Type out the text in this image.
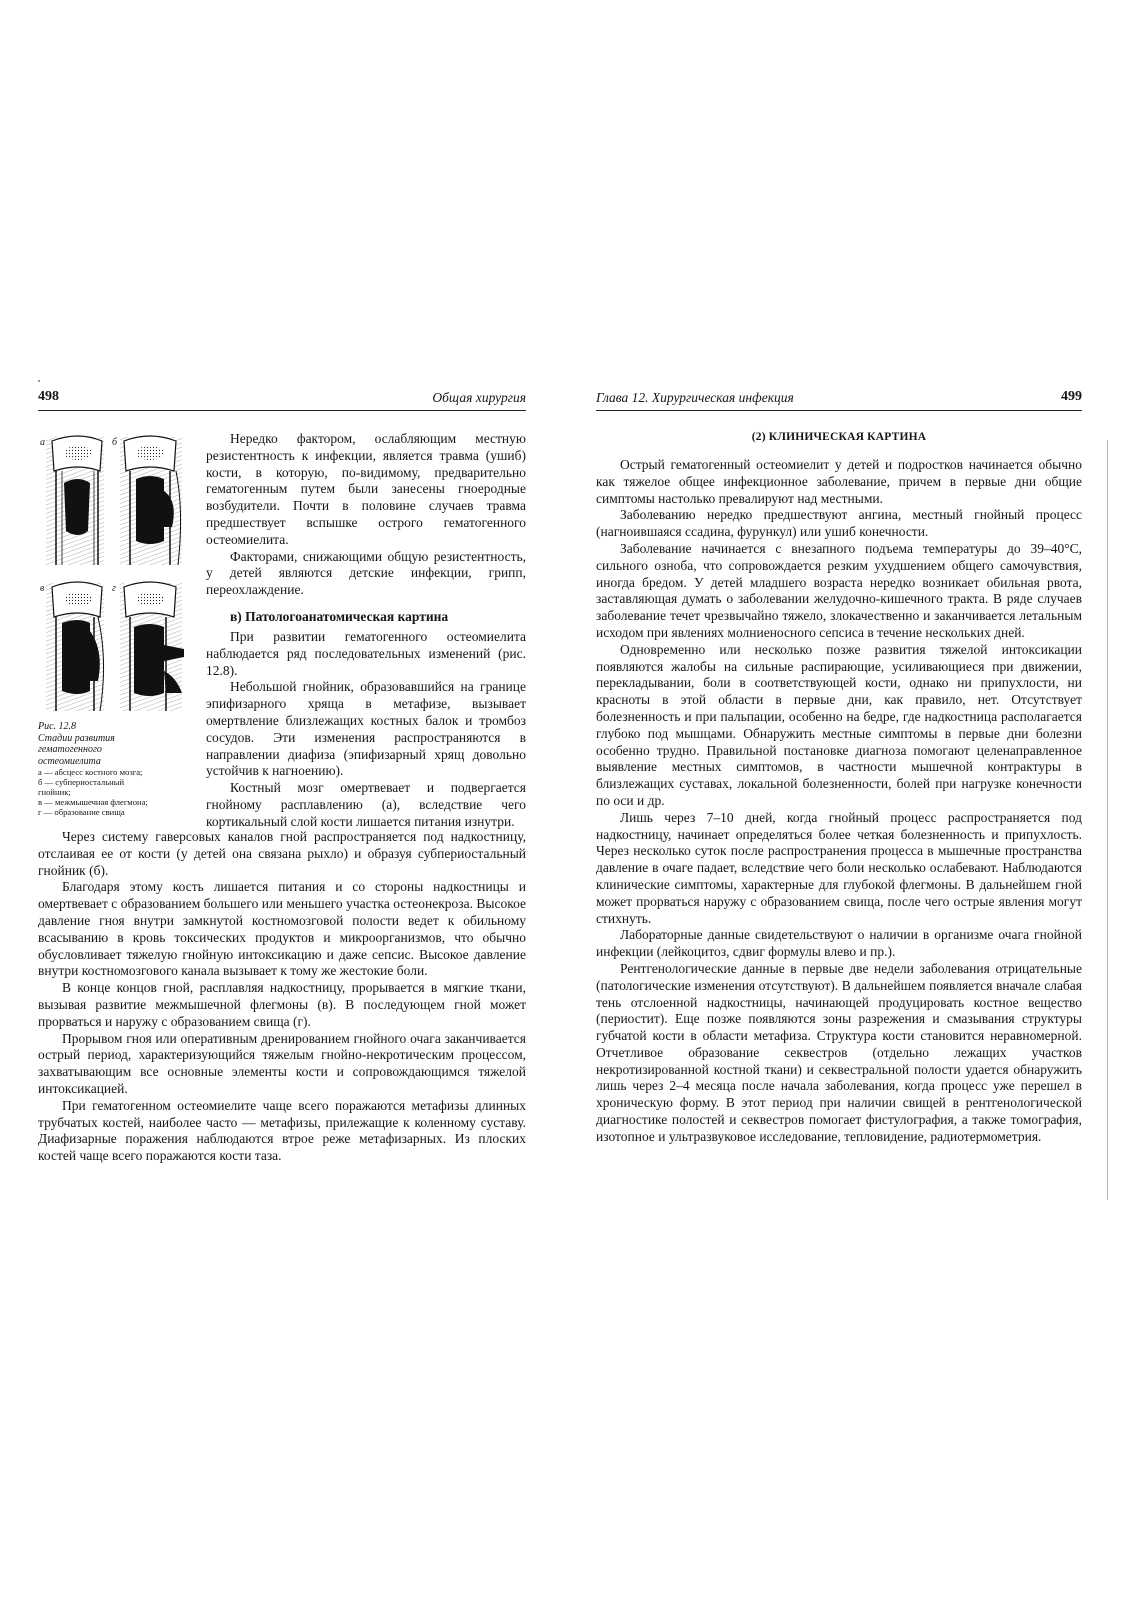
498	Общая хирургия
а	б
в	г
Рис. 12.8
Стадии развития
гематогенного
остеомиелита
а — абсцесс костного мозга;
б — субпериостальный
гнойник;
в — межмышечная флегмона;
г — образование свища

Нередко фактором, ослабляющим местную резистентность к инфекции, является травма (ушиб) кости, в которую, по-видимому, предварительно гематогенным путем были занесены гноеродные возбудители. Почти в половине случаев травма предшествует вспышке острого гематогенного остеомиелита.

Факторами, снижающими общую резистентность, у детей являются детские инфекции, грипп, переохлаждение.

в) Патологоанатомическая картина

При развитии гематогенного остеомиелита наблюдается ряд последовательных изменений (рис. 12.8).

Небольшой гнойник, образовавшийся на границе эпифизарного хряща в метафизе, вызывает омертвление близлежащих костных балок и тромбоз сосудов. Эти изменения распространяются в направлении диафиза (эпифизарный хрящ довольно устойчив к нагноению).

Костный мозг омертвевает и подвергается гнойному расплавлению (а), вследствие чего кортикальный слой кости лишается питания изнутри.

Через систему гаверсовых каналов гной распространяется под надкостницу, отслаивая ее от кости (у детей она связана рыхло) и образуя субпериостальный гнойник (б).

Благодаря этому кость лишается питания и со стороны надкостницы и омертвевает с образованием большего или меньшего участка остеонекроза. Высокое давление гноя внутри замкнутой костномозговой полости ведет к обильному всасыванию в кровь токсических продуктов и микроорганизмов, что обычно обусловливает тяжелую гнойную интоксикацию и даже сепсис. Высокое давление внутри костномозгового канала вызывает к тому же жестокие боли.

В конце концов гной, расплавляя надкостницу, прорывается в мягкие ткани, вызывая развитие межмышечной флегмоны (в). В последующем гной может прорваться и наружу с образованием свища (г).

Прорывом гноя или оперативным дренированием гнойного очага заканчивается острый период, характеризующийся тяжелым гнойно-некротическим процессом, захватывающим все основные элементы кости и сопровождающимся тяжелой интоксикацией.

При гематогенном остеомиелите чаще всего поражаются метафизы длинных трубчатых костей, наиболее часто — метафизы, прилежащие к коленному суставу. Диафизарные поражения наблюдаются втрое реже метафизарных. Из плоских костей чаще всего поражаются кости таза.

Глава 12. Хирургическая инфекция	499
(2) КЛИНИЧЕСКАЯ КАРТИНА

Острый гематогенный остеомиелит у детей и подростков начинается обычно как тяжелое общее инфекционное заболевание, причем в первые дни общие симптомы настолько превалируют над местными.

Заболеванию нередко предшествуют ангина, местный гнойный процесс (нагноившаяся ссадина, фурункул) или ушиб конечности.

Заболевание начинается с внезапного подъема температуры до 39–40°С, сильного озноба, что сопровождается резким ухудшением общего самочувствия, иногда бредом. У детей младшего возраста нередко возникает обильная рвота, заставляющая думать о заболевании желудочно-кишечного тракта. В ряде случаев заболевание течет чрезвычайно тяжело, злокачественно и заканчивается летальным исходом при явлениях молниеносного сепсиса в течение нескольких дней.

Одновременно или несколько позже развития тяжелой интоксикации появляются жалобы на сильные распирающие, усиливающиеся при движении, перекладывании, боли в соответствующей кости, однако ни припухлости, ни красноты в этой области в первые дни, как правило, нет. Отсутствует болезненность и при пальпации, особенно на бедре, где надкостница располагается глубоко под мышцами. Обнаружить местные симптомы в первые дни болезни особенно трудно. Правильной постановке диагноза помогают целенаправленное выявление местных симптомов, в частности мышечной контрактуры в близлежащих суставах, локальной болезненности, болей при нагрузке конечности по оси и др.

Лишь через 7–10 дней, когда гнойный процесс распространяется под надкостницу, начинает определяться более четкая болезненность и припухлость. Через несколько суток после распространения процесса в мышечные пространства давление в очаге падает, вследствие чего боли несколько ослабевают. Наблюдаются клинические симптомы, характерные для глубокой флегмоны. В дальнейшем гной может прорваться наружу с образованием свища, после чего острые явления могут стихнуть.

Лабораторные данные свидетельствуют о наличии в организме очага гнойной инфекции (лейкоцитоз, сдвиг формулы влево и пр.).

Рентгенологические данные в первые две недели заболевания отрицательные (патологические изменения отсутствуют). В дальнейшем появляется вначале слабая тень отслоенной надкостницы, начинающей продуцировать костное вещество (периостит). Еще позже появляются зоны разрежения и смазывания структуры губчатой кости в области метафиза. Структура кости становится неравномерной. Отчетливое образование секвестров (отдельно лежащих участков некротизированной костной ткани) и секвестральной полости удается обнаружить лишь через 2–4 месяца после начала заболевания, когда процесс уже перешел в хроническую форму. В этот период при наличии свищей в рентгенологической диагностике полостей и секвестров помогает фистулография, а также томография, изотопное и ультразвуковое исследование, тепловидение, радиотермометрия.
